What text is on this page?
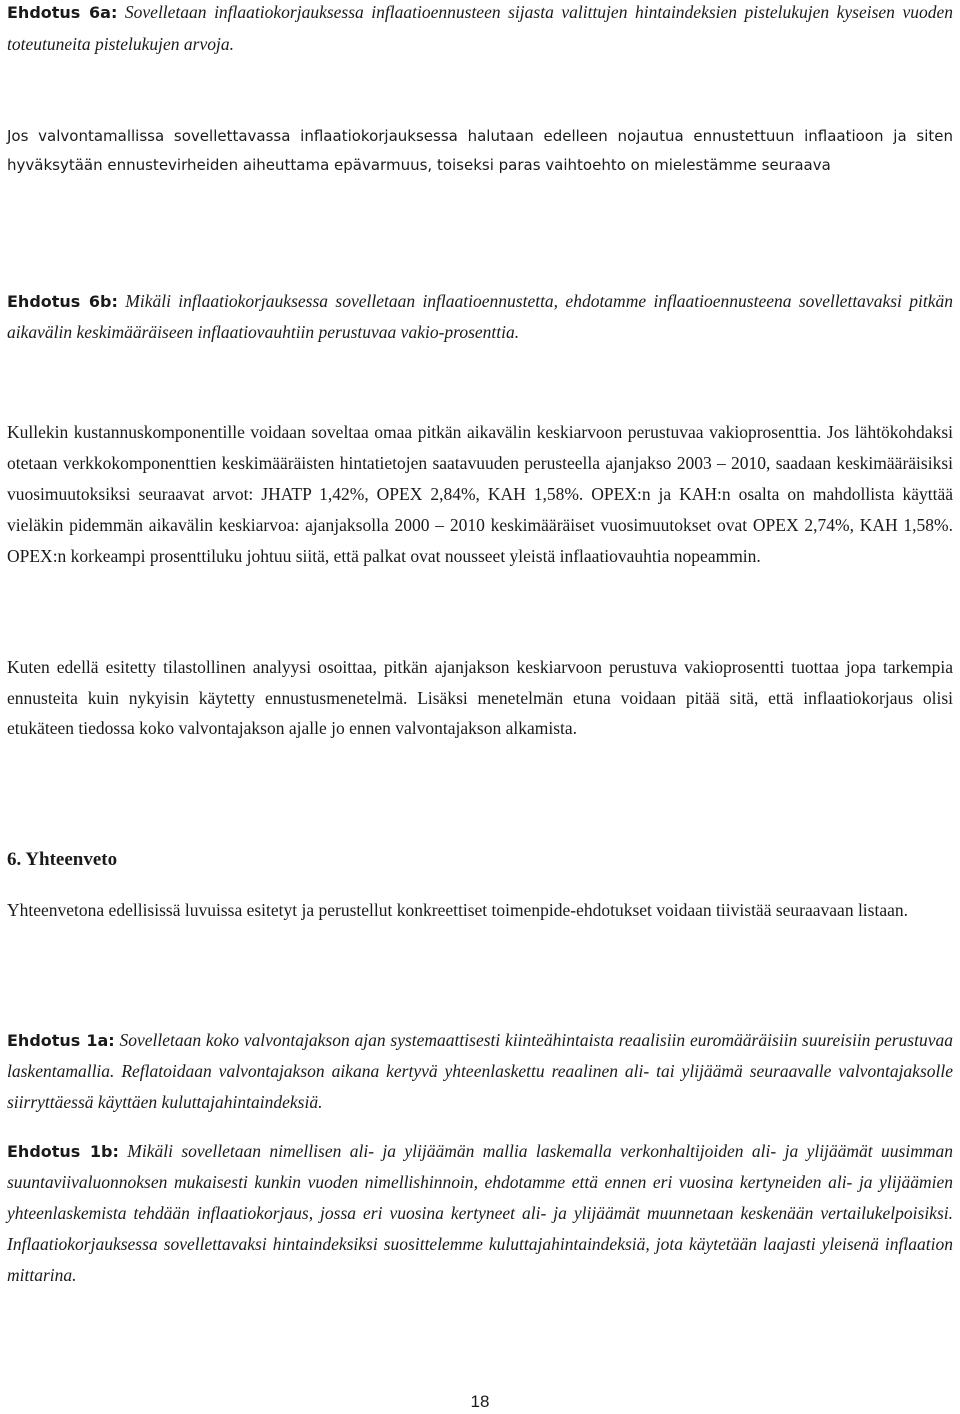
Ehdotus 6a: Sovelletaan inflaatiokorjauksessa inflaatioennusteen sijasta valittujen hintaindeksien pistelukujen kyseisen vuoden toteutuneita pistelukujen arvoja.
Jos valvontamallissa sovellettavassa inflaatiokorjauksessa halutaan edelleen nojautua ennustettuun inflaatioon ja siten hyväksytään ennustevirheiden aiheuttama epävarmuus, toiseksi paras vaihtoehto on mielestämme seuraava
Ehdotus 6b: Mikäli inflaatiokorjauksessa sovelletaan inflaatioennustetta, ehdotamme inflaatioennusteena sovellettavaksi pitkän aikavälin keskimääräiseen inflaatiovauhtiin perustuvaa vakio-prosenttia.
Kullekin kustannuskomponentille voidaan soveltaa omaa pitkän aikavälin keskiarvoon perustuvaa vakioprosenttia. Jos lähtökohdaksi otetaan verkkokomponenttien keskimääräisten hintatietojen saatavuuden perusteella ajanjakso 2003 – 2010, saadaan keskimääräisiksi vuosimuutoksiksi seuraavat arvot: JHATP 1,42%, OPEX 2,84%, KAH 1,58%. OPEX:n ja KAH:n osalta on mahdollista käyttää vieläkin pidemmän aikavälin keskiarvoa: ajanjaksolla 2000 – 2010 keskimääräiset vuosimuutokset ovat OPEX 2,74%, KAH 1,58%. OPEX:n korkeampi prosenttiluku johtuu siitä, että palkat ovat nousseet yleistä inflaatiovauhtia nopeammin.
Kuten edellä esitetty tilastollinen analyysi osoittaa, pitkän ajanjakson keskiarvoon perustuva vakioprosentti tuottaa jopa tarkempia ennusteita kuin nykyisin käytetty ennustusmenetelmä. Lisäksi menetelmän etuna voidaan pitää sitä, että inflaatiokorjaus olisi etukäteen tiedossa koko valvontajakson ajalle jo ennen valvontajakson alkamista.
6. Yhteenveto
Yhteenvetona edellisissä luvuissa esitetyt ja perustellut konkreettiset toimenpide-ehdotukset voidaan tiivistää seuraavaan listaan.
Ehdotus 1a: Sovelletaan koko valvontajakson ajan systemaattisesti kiinteähintaista reaalisiin euromääräisiin suureisiin perustuvaa laskentamallia. Reflatoidaan valvontajakson aikana kertyvä yhteenlaskettu reaalinen ali- tai ylijäämä seuraavalle valvontajaksolle siirryttäessä käyttäen kuluttajahintaindeksiä.
Ehdotus 1b: Mikäli sovelletaan nimellisen ali- ja ylijäämän mallia laskemalla verkonhaltijoiden ali- ja ylijäämät uusimman suuntaviivaluonnoksen mukaisesti kunkin vuoden nimellishinnoin, ehdotamme että ennen eri vuosina kertyneiden ali- ja ylijäämien yhteenlaskemista tehdään inflaatiokorjaus, jossa eri vuosina kertyneet ali- ja ylijäämät muunnetaan keskenään vertailukelpoisiksi. Inflaatiokorjauksessa sovellettavaksi hintaindeksiksi suosittelemme kuluttajahintaindeksiä, jota käytetään laajasti yleisenä inflaation mittarina.
18
